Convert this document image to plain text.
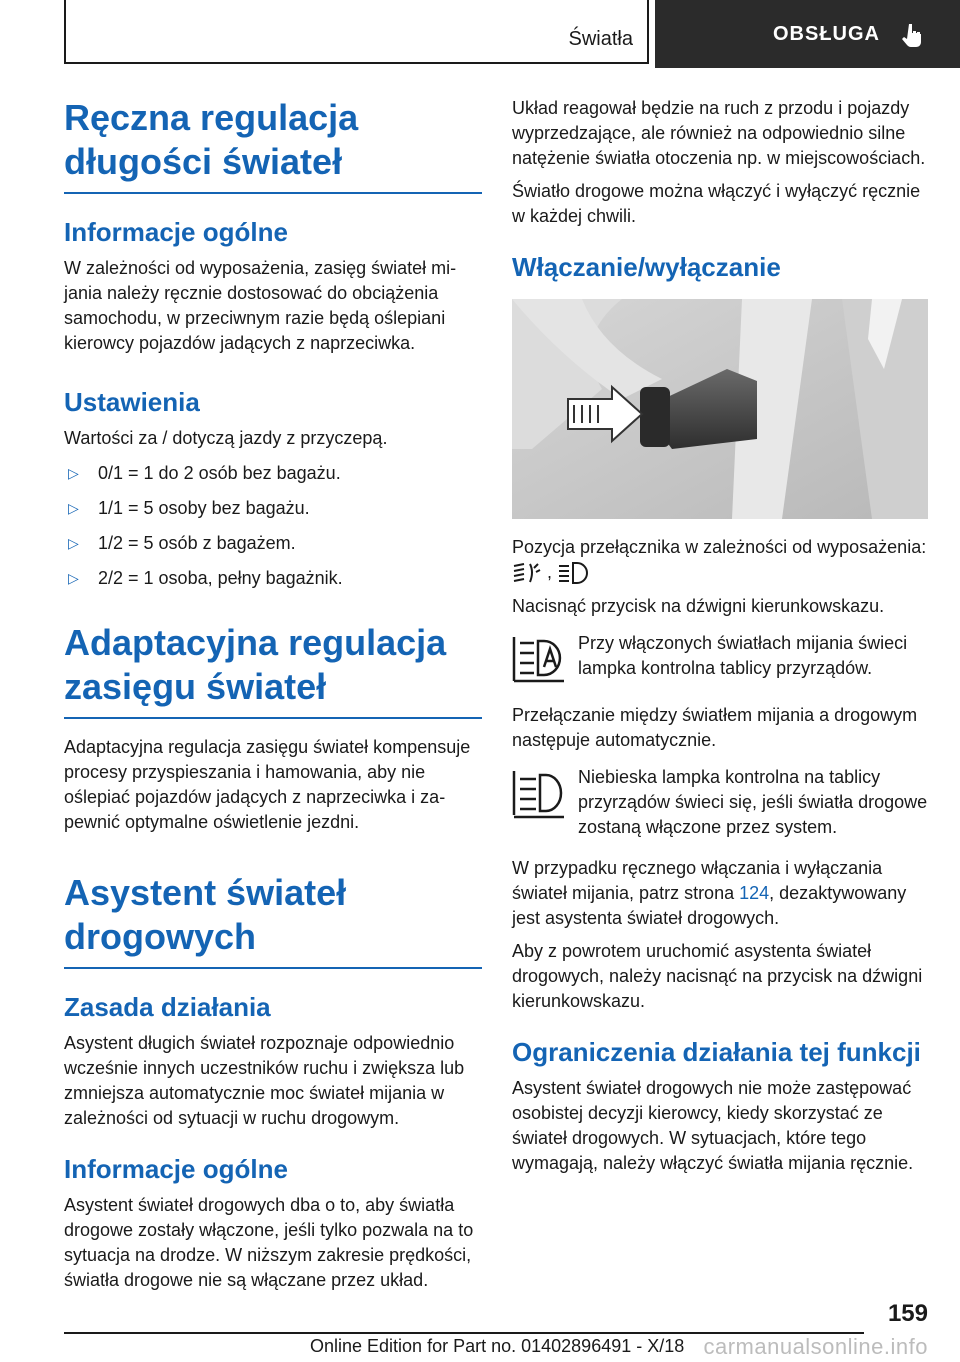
Światła	OBSŁUGA
Ręczna regulacja długości świateł
Informacje ogólne

W zależności od wyposażenia, zasięg świateł mijania należy ręcznie dostosować do obciążenia samochodu, w przeciwnym razie będą oślepiani kierowcy pojazdów jadących z naprzeciwka.

Ustawienia

Wartości za / dotyczą jazdy z przyczepą.

▷	0/1 = 1 do 2 osób bez bagażu.
▷	1/1 = 5 osoby bez bagażu.
▷	1/2 = 5 osób z bagażem.
▷	2/2 = 1 osoba, pełny bagażnik.
Adaptacyjna regulacja zasięgu świateł

Adaptacyjna regulacja zasięgu świateł kompensuje procesy przyspieszania i hamowania, aby nie oślepiać pojazdów jadących z naprzeciwka i zapewnić optymalne oświetlenie jezdni.

Asystent świateł drogowych
Zasada działania

Asystent długich świateł rozpoznaje odpowiednio wcześnie innych uczestników ruchu i zwiększa lub zmniejsza automatycznie moc świateł mijania w zależności od sytuacji w ruchu drogowym.

Informacje ogólne

Asystent świateł drogowych dba o to, aby światła drogowe zostały włączone, jeśli tylko pozwala na to sytuacja na drodze. W niższym zakresie prędkości, światła drogowe nie są włączane przez układ.

Układ reagował będzie na ruch z przodu i pojazdy wyprzedzające, ale również na odpowiednio silne natężenie światła otoczenia np. w miejscowościach.

Światło drogowe można włączyć i wyłączyć ręcznie w każdej chwili.

Włączanie/wyłączanie

Pozycja przełącznika w zależności od wyposażenia:  ,

Nacisnąć przycisk na dźwigni kierunkowskazu.

Przy włączonych światłach mijania świeci lampka kontrolna tablicy przyrządów.

Przełączanie między światłem mijania a drogowym następuje automatycznie.

Niebieska lampka kontrolna na tablicy przyrządów świeci się, jeśli światła drogowe zostaną włączone przez system.

W przypadku ręcznego włączania i wyłączania świateł mijania, patrz strona 124, dezaktywowany jest asystenta świateł drogowych.

Aby z powrotem uruchomić asystenta świateł drogowych, należy nacisnąć na przycisk na dźwigni kierunkowskazu.

Ograniczenia działania tej funkcji

Asystent świateł drogowych nie może zastępować osobistej decyzji kierowcy, kiedy skorzystać ze świateł drogowych. W sytuacjach, które tego wymagają, należy włączyć światła mijania ręcznie.

159
Online Edition for Part no. 01402896491 - X/18 carmanualsonline.info
